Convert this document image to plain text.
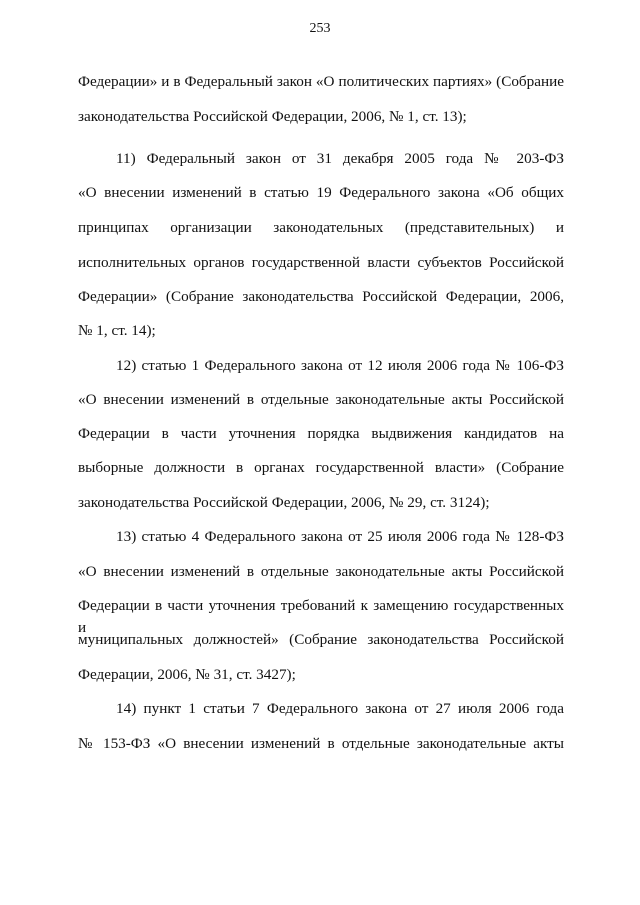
253
Федерации» и в Федеральный закон «О политических партиях» (Собрание
законодательства Российской Федерации, 2006, № 1, ст. 13);
11) Федеральный закон от 31 декабря 2005 года № 203-ФЗ
«О внесении изменений в статью 19 Федерального закона «Об общих
принципах организации законодательных (представительных) и
исполнительных органов государственной власти субъектов Российской
Федерации» (Собрание законодательства Российской Федерации, 2006,
№ 1, ст. 14);
12) статью 1 Федерального закона от 12 июля 2006 года № 106-ФЗ
«О внесении изменений в отдельные законодательные акты Российской
Федерации в части уточнения порядка выдвижения кандидатов на
выборные должности в органах государственной власти» (Собрание
законодательства Российской Федерации, 2006, № 29, ст. 3124);
13) статью 4 Федерального закона от 25 июля 2006 года № 128-ФЗ
«О внесении изменений в отдельные законодательные акты Российской
Федерации в части уточнения требований к замещению государственных и
муниципальных должностей» (Собрание законодательства Российской
Федерации, 2006, № 31, ст. 3427);
14) пункт 1 статьи 7 Федерального закона от 27 июля 2006 года
№ 153-ФЗ «О внесении изменений в отдельные законодательные акты
